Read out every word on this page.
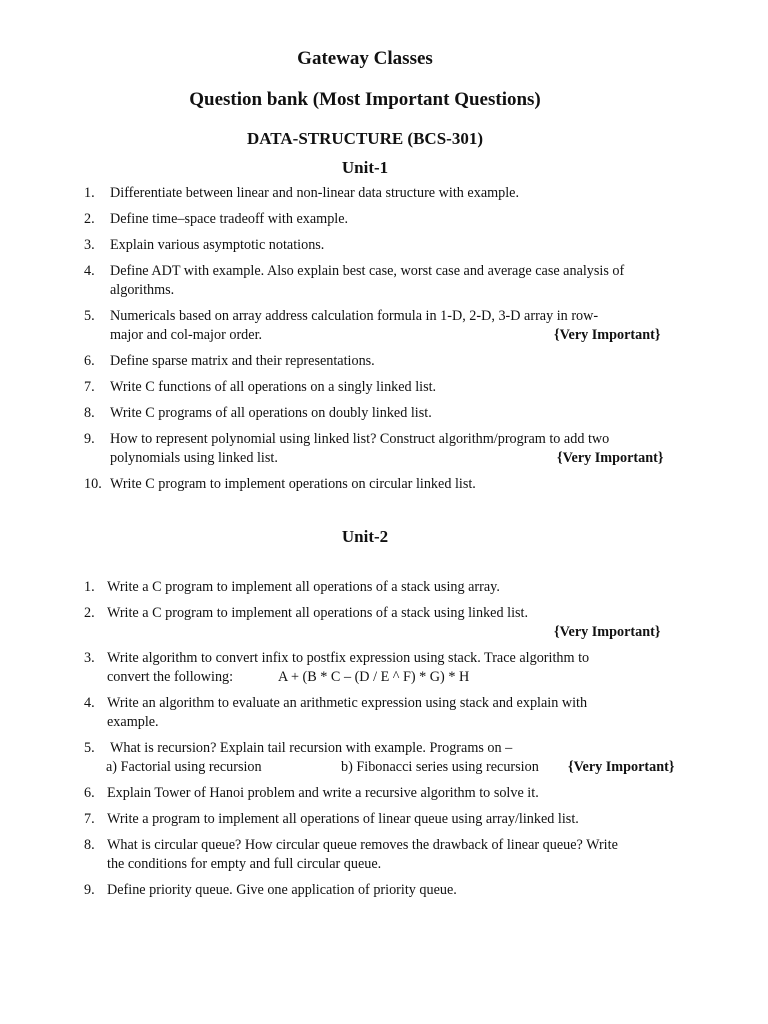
Gateway Classes
Question bank (Most Important Questions)
DATA-STRUCTURE (BCS-301)
Unit-1
1. Differentiate between linear and non-linear data structure with example.
2. Define time–space tradeoff with example.
3. Explain various asymptotic notations.
4. Define ADT with example. Also explain best case, worst case and average case analysis of
algorithms.
5. Numericals based on array address calculation formula in 1-D, 2-D, 3-D array in row-
major and col-major order.	{Very Important}
6. Define sparse matrix and their representations.
7. Write C functions of all operations on a singly linked list.
8. Write C programs of all operations on doubly linked list.
9. How to represent polynomial using linked list? Construct algorithm/program to add two
polynomials using linked list.	{Very Important}
10. Write C program to implement operations on circular linked list.
Unit-2
1. Write a C program to implement all operations of a stack using array.
2. Write a C program to implement all operations of a stack using linked list.
{Very Important}
3. Write algorithm to convert infix to postfix expression using stack. Trace algorithm to
convert the following:	A + (B * C – (D / E ^ F) * G) * H
4. Write an algorithm to evaluate an arithmetic expression using stack and explain with
example.
5. What is recursion? Explain tail recursion with example. Programs on –
a) Factorial using recursion	b) Fibonacci series using recursion {Very Important}
6. Explain Tower of Hanoi problem and write a recursive algorithm to solve it.
7. Write a program to implement all operations of linear queue using array/linked list.
8. What is circular queue? How circular queue removes the drawback of linear queue? Write
the conditions for empty and full circular queue.
9. Define priority queue. Give one application of priority queue.
